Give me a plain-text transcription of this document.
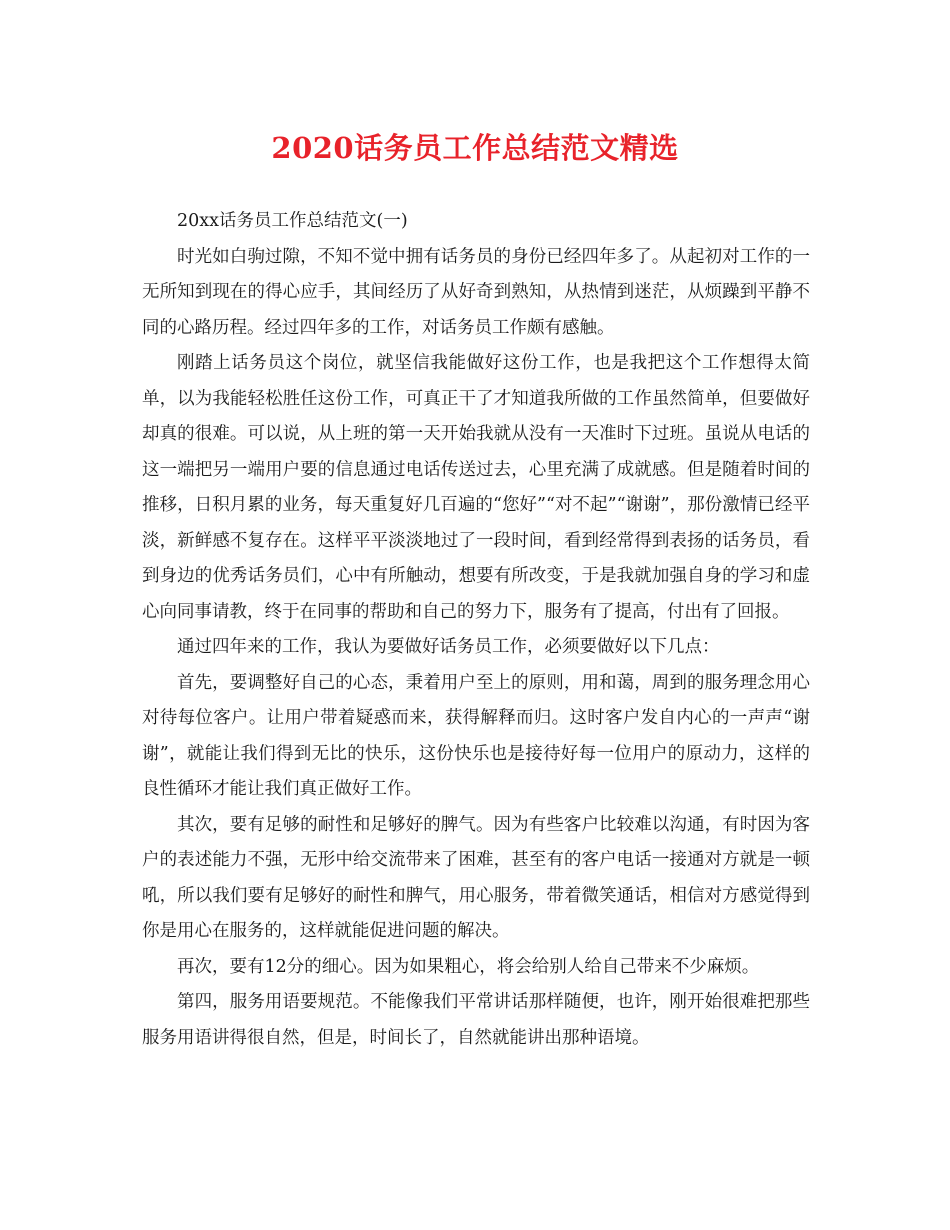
2020话务员工作总结范文精选

20xx话务员工作总结范文(一)

时光如白驹过隙，不知不觉中拥有话务员的身份已经四年多了。从起初对工作的一无所知到现在的得心应手，其间经历了从好奇到熟知，从热情到迷茫，从烦躁到平静不同的心路历程。经过四年多的工作，对话务员工作颇有感触。

刚踏上话务员这个岗位，就坚信我能做好这份工作，也是我把这个工作想得太简单，以为我能轻松胜任这份工作，可真正干了才知道我所做的工作虽然简单，但要做好却真的很难。可以说，从上班的第一天开始我就从没有一天准时下过班。虽说从电话的这一端把另一端用户要的信息通过电话传送过去，心里充满了成就感。但是随着时间的推移，日积月累的业务，每天重复好几百遍的“您好”“对不起”“谢谢”，那份激情已经平淡，新鲜感不复存在。这样平平淡淡地过了一段时间，看到经常得到表扬的话务员，看到身边的优秀话务员们，心中有所触动，想要有所改变，于是我就加强自身的学习和虚心向同事请教，终于在同事的帮助和自己的努力下，服务有了提高，付出有了回报。

通过四年来的工作，我认为要做好话务员工作，必须要做好以下几点：

首先，要调整好自己的心态，秉着用户至上的原则，用和蔼，周到的服务理念用心对待每位客户。让用户带着疑惑而来，获得解释而归。这时客户发自内心的一声声“谢谢”，就能让我们得到无比的快乐，这份快乐也是接待好每一位用户的原动力，这样的良性循环才能让我们真正做好工作。

其次，要有足够的耐性和足够好的脾气。因为有些客户比较难以沟通，有时因为客户的表述能力不强，无形中给交流带来了困难，甚至有的客户电话一接通对方就是一顿吼，所以我们要有足够好的耐性和脾气，用心服务，带着微笑通话，相信对方感觉得到你是用心在服务的，这样就能促进问题的解决。

再次，要有12分的细心。因为如果粗心，将会给别人给自己带来不少麻烦。

第四，服务用语要规范。不能像我们平常讲话那样随便，也许，刚开始很难把那些服务用语讲得很自然，但是，时间长了，自然就能讲出那种语境。
